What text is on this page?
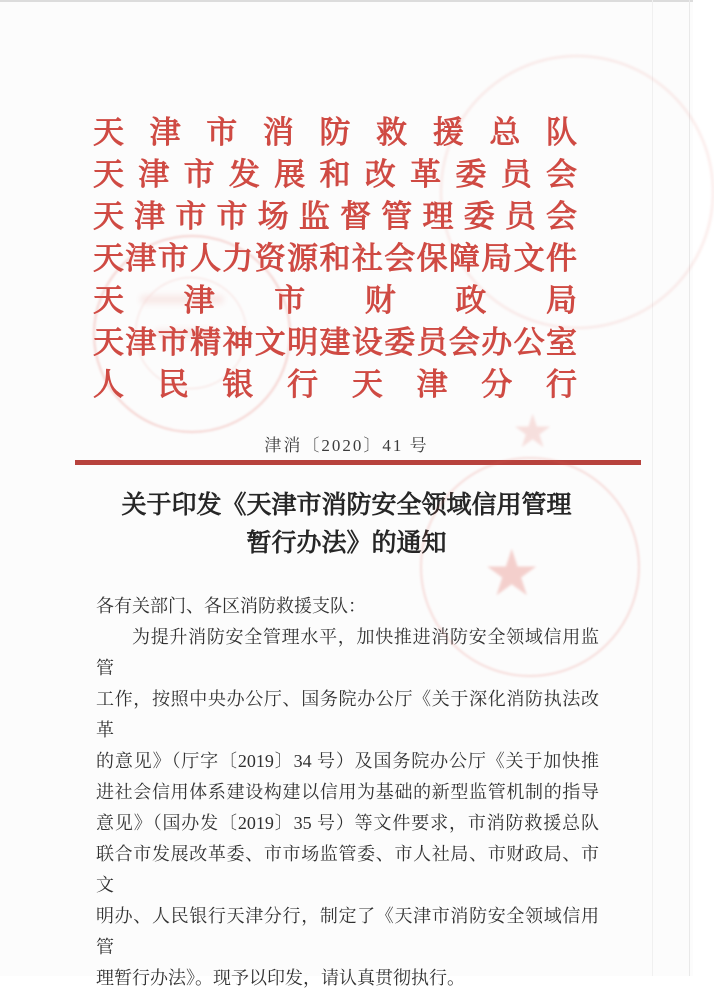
天津市消防救援总队
天津市发展和改革委员会
天津市市场监督管理委员会
天津市人力资源和社会保障局文件
天津市财政局
天津市精神文明建设委员会办公室
人民银行天津分行
津消〔2020〕41 号
关于印发《天津市消防安全领域信用管理
暂行办法》的通知
各有关部门、各区消防救援支队：
为提升消防安全管理水平，加快推进消防安全领域信用监管
工作，按照中央办公厅、国务院办公厅《关于深化消防执法改革
的意见》（厅字〔2019〕34 号）及国务院办公厅《关于加快推
进社会信用体系建设构建以信用为基础的新型监管机制的指导
意见》（国办发〔2019〕35 号）等文件要求，市消防救援总队
联合市发展改革委、市市场监管委、市人社局、市财政局、市文
明办、人民银行天津分行，制定了《天津市消防安全领域信用管
理暂行办法》。现予以印发，请认真贯彻执行。
★
★
